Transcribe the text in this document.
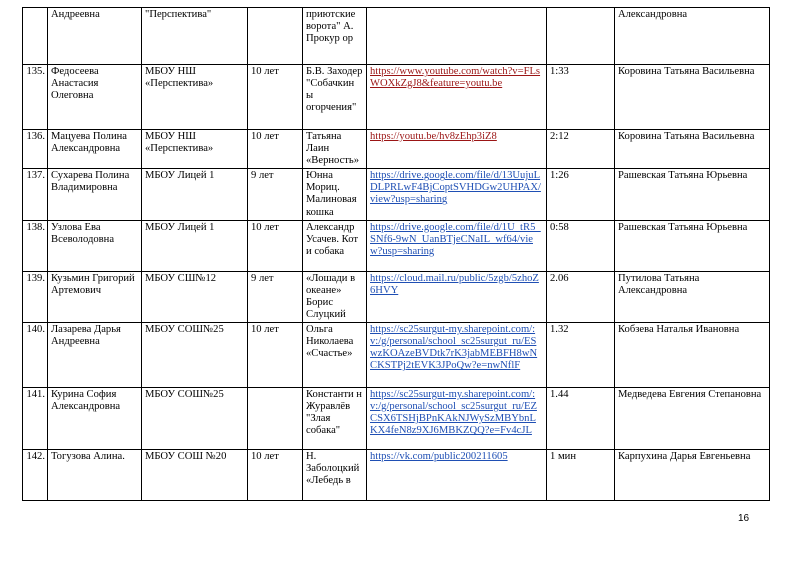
	Андреевна	"Перспектива"		приютские ворота" А. Прокур ор			Александровна
135.	Федосеева Анастасия Олеговна	МБОУ НШ «Перспектива»	10 лет	Б.В. Заходер "Собачкин ы огорчения"	https://www.youtube.com/watch?v=FLsWOXkZgJ8&feature=youtu.be	1:33	Коровина Татьяна Васильевна
136.	Мацуева Полина Александровна	МБОУ НШ «Перспектива»	10 лет	Татьяна Лаин «Верность»	https://youtu.be/hv8zEhp3iZ8	2:12	Коровина Татьяна Васильевна
137.	Сухарева Полина Владимировна	МБОУ Лицей 1	9 лет	Юнна Мориц. Малиновая кошка	https://drive.google.com/file/d/13UujuLDLPRLwF4BjCoptSVHDGw2UHPAX/view?usp=sharing	1:26	Рашевская Татьяна Юрьевна
138.	Узлова Ева Всеволодовна	МБОУ Лицей 1	10 лет	Александр Усачев. Кот и собака	https://drive.google.com/file/d/1U_tR5_SNf6-9wN_UanBTjeCNaIL_wf64/view?usp=sharing	0:58	Рашевская Татьяна Юрьевна
139.	Кузьмин Григорий Артемович	МБОУ СШ№12	9 лет	«Лошади в океане» Борис Слуцкий	https://cloud.mail.ru/public/5zgb/5zhoZ6HVY	2.06	Путилова Татьяна Александровна
140.	Лазарева Дарья Андреевна	МБОУ СОШ№25	10 лет	Ольга Николаева «Счастье»	https://sc25surgut-my.sharepoint.com/:v:/g/personal/school_sc25surgut_ru/ESwzKOAzeBVDtk7rK3jabMEBFH8wNCKSTPj2tEVK3JPoQw?e=nwNflF	1.32	Кобзева Наталья Ивановна
141.	Курина София Александровна	МБОУ СОШ№25		Константи н Журавлёв "Злая собака"	https://sc25surgut-my.sharepoint.com/:v:/g/personal/school_sc25surgut_ru/EZCSX6TSHjBPnKAkNJWySzMBYbnLKX4feN8z9XJ6MBKZQQ?e=Fv4cJL	1.44	Медведева Евгения Степановна
142.	Тогузова Алина.	МБОУ СОШ №20	10 лет	Н. Заболоцкий «Лебедь в	https://vk.com/public200211605	1 мин	Карпухина Дарья Евгеньевна
16
